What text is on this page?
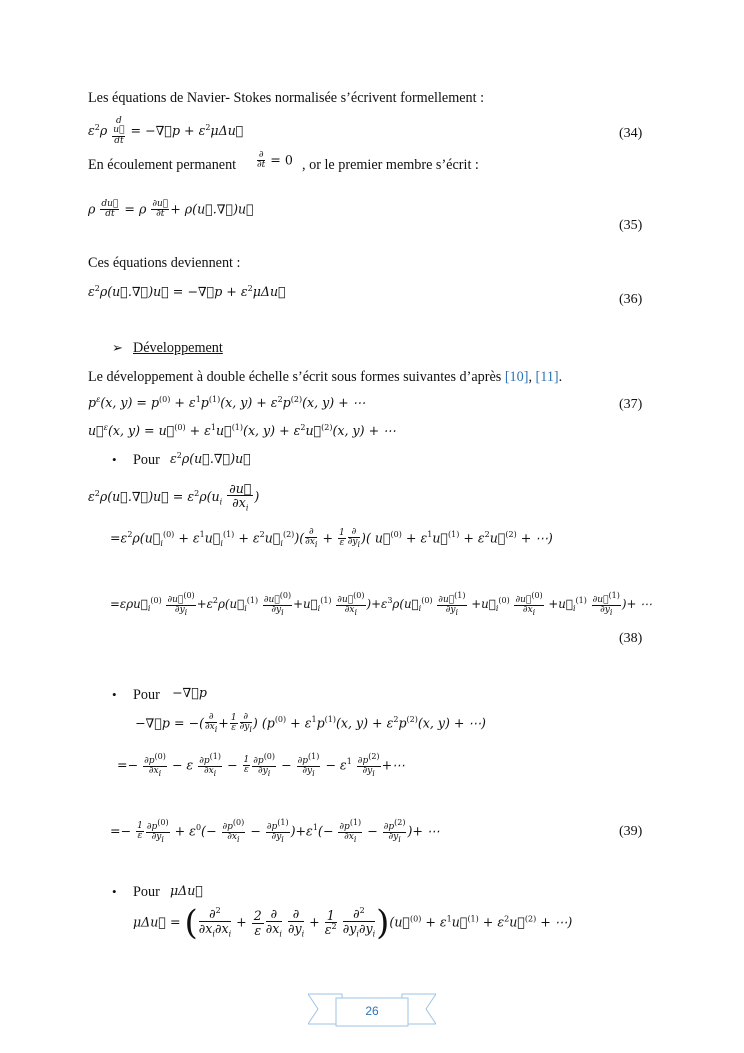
Les équations de Navier- Stokes normalisée s’écrivent formellement :
$\varepsilon^2\rho$ d
u⃗
dt = −∇⃗p + $\varepsilon^2\mu\Delta u⃗$	(34)
En écoulement permanent $\frac{\partial}{\partial t} = 0$ , or le premier membre s’écrit :
ρ $\frac{du⃗}{dt} = \rho \frac{\partial u⃗}{\partial t}$ + ρ(u⃗.∇⃗)u⃗
(35)
Ces équations deviennent :
$\varepsilon^2\rho(u⃗.\nabla⃗)u⃗$ = −∇⃗p + $\varepsilon^2\mu\Delta u⃗$
(36)
➢ Développement
Le développement à double échelle s’écrit sous formes suivantes d’après [10], [11].
$p^\varepsilon(x$, $y) = p^{(0)} + \varepsilon^1p^{(1)}(x$, $y) + \varepsilon^2p^{(2)}(x$, y) + ⋯	(37)
u⃗$^\varepsilon$(x, y) = u⃗$^{(0)}$ + $\varepsilon^1u⃗^{(1)}(x$, $y) + \varepsilon^2u⃗^{(2)}(x$, y) + ⋯
• Pour $\varepsilon^2\rho(u⃗.\nabla⃗)u⃗$
$\varepsilon^2\rho(u⃗.\nabla⃗)u⃗ = \varepsilon^2\rho(u_i \frac{\partial u⃗}{\partial x_i}$ )
$=\varepsilon^2\rho(u⃗_i^{(0)}$ + $\varepsilon^1u⃗_i^{(1)}$ + $\varepsilon^2u⃗_i^{(2)})( \frac{\partial}{\partial x_i} + \frac{1}{\varepsilon} \frac{\partial}{\partial y_i}$ )( u⃗$^{(0)}$ + $\varepsilon^1u⃗^{(1)}$ + $\varepsilon^2u⃗^{(2)}$ + ⋯)
$=\varepsilon\rho u⃗_i^{(0)} \frac{\partial u⃗^{(0)}}{\partial y_i}$ $+\varepsilon^2\rho(u⃗_i^{(1)} \frac{\partial u⃗^{(0)}}{\partial y_i}$ $+u⃗_i^{(1)} \frac{\partial u⃗^{(0)}}{\partial x_i}$ )$+\varepsilon^3\rho(u⃗_i^{(0)} \frac{\partial u⃗^{(1)}}{\partial y_i}$ $+u⃗_i^{(0)} \frac{\partial u⃗^{(0)}}{\partial x_i}$ $+u⃗_i^{(1)} \frac{\partial u⃗^{(1)}}{\partial y_i}$ )+ ⋯
(38)
• Pour −∇⃗p
−∇⃗p = −( $\frac{\partial}{\partial x_i} + \frac{1}{\varepsilon} \frac{\partial}{\partial y_i}$ ) ($p^{(0)} + \varepsilon^1p^{(1)}(x$, $y) + \varepsilon^2p^{(2)}(x$, y) + ⋯)
=− $\frac{\partial p^{(0)}}{\partial x_i} - \varepsilon \frac{\partial p^{(1)}}{\partial x_i} - \frac{1}{\varepsilon} \frac{\partial p^{(0)}}{\partial y_i} - \frac{\partial p^{(1)}}{\partial y_i} - \varepsilon^1 \frac{\partial p^{(2)}}{\partial y_i}$ +⋯
=− $\frac{1}{\varepsilon} \frac{\partial p^{(0)}}{\partial y_i} + \varepsilon^0(- \frac{\partial p^{(0)}}{\partial x_i} - \frac{\partial p^{(1)}}{\partial y_i} )+\varepsilon^1(- \frac{\partial p^{(1)}}{\partial x_i} - \frac{\partial p^{(2)}}{\partial y_i}$ )+ ⋯	(39)
• Pour μΔu⃗
μΔu⃗ = ( $\frac{\partial^2}{\partial x_i\partial x_i} + \frac{2}{\varepsilon}$ ∂
$\partial x_i$

∂
$\partial y_i$
+ $\frac{1}{\varepsilon^2}$
$\frac{\partial^2}{\partial y_i\partial y_i}$ )(u⃗$^{(0)}$ + $\varepsilon^1u⃗^{(1)}$ + $\varepsilon^2u⃗^{(2)}$ + ⋯)
26
